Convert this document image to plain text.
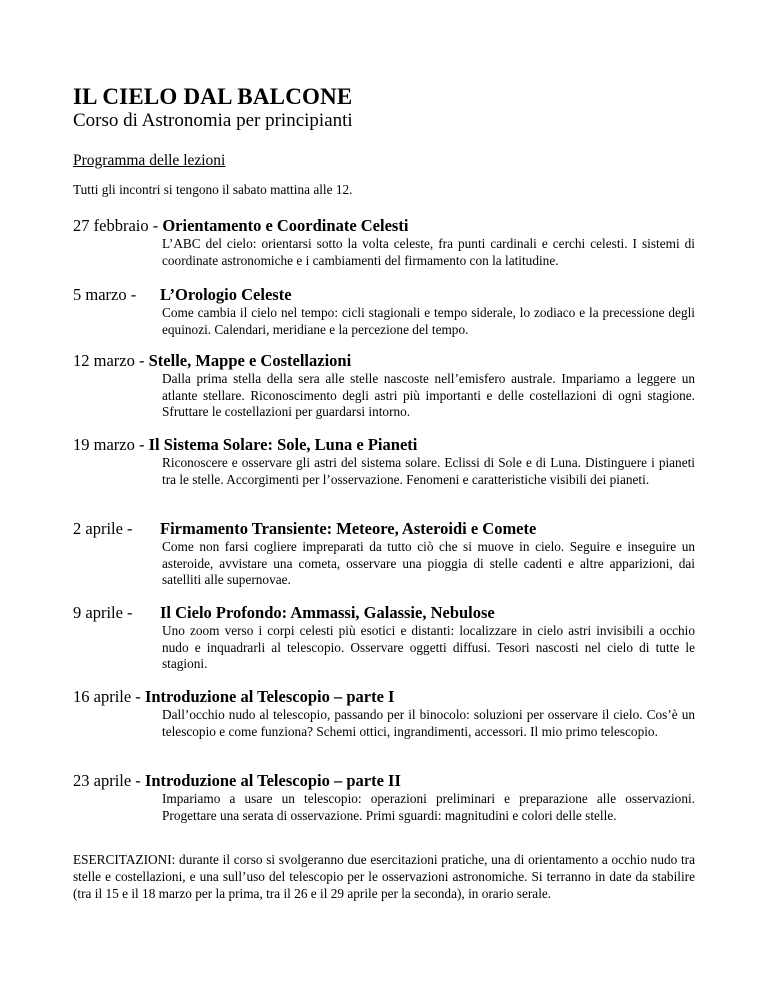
IL CIELO DAL BALCONE
Corso di Astronomia per principianti
Programma delle lezioni
Tutti gli incontri si tengono il sabato mattina alle 12.
27 febbraio - Orientamento e Coordinate Celesti
L’ABC del cielo: orientarsi sotto la volta celeste, fra punti cardinali e cerchi celesti. I sistemi di coordinate astronomiche e i cambiamenti del firmamento con la latitudine.
5 marzo - L’Orologio Celeste
Come cambia il cielo nel tempo: cicli stagionali e tempo siderale, lo zodiaco e la precessione degli equinozi. Calendari, meridiane e la percezione del tempo.
12 marzo - Stelle, Mappe e Costellazioni
Dalla prima stella della sera alle stelle nascoste nell’emisfero australe. Impariamo a leggere un atlante stellare. Riconoscimento degli astri più importanti e delle costellazioni di ogni stagione. Sfruttare le costellazioni per guardarsi intorno.
19 marzo - Il Sistema Solare: Sole, Luna e Pianeti
Riconoscere e osservare gli astri del sistema solare. Eclissi di Sole e di Luna. Distinguere i pianeti tra le stelle. Accorgimenti per l’osservazione. Fenomeni e caratteristiche visibili dei pianeti.
2 aprile - Firmamento Transiente: Meteore, Asteroidi e Comete
Come non farsi cogliere impreparati da tutto ciò che si muove in cielo. Seguire e inseguire un asteroide, avvistare una cometa, osservare una pioggia di stelle cadenti e altre apparizioni, dai satelliti alle supernovae.
9 aprile - Il Cielo Profondo: Ammassi, Galassie, Nebulose
Uno zoom verso i corpi celesti più esotici e distanti: localizzare in cielo astri invisibili a occhio nudo e inquadrarli al telescopio. Osservare oggetti diffusi. Tesori nascosti nel cielo di tutte le stagioni.
16 aprile - Introduzione al Telescopio – parte I
Dall’occhio nudo al telescopio, passando per il binocolo: soluzioni per osservare il cielo. Cos’è un telescopio e come funziona? Schemi ottici, ingrandimenti, accessori. Il mio primo telescopio.
23 aprile - Introduzione al Telescopio – parte II
Impariamo a usare un telescopio: operazioni preliminari e preparazione alle osservazioni. Progettare una serata di osservazione. Primi sguardi: magnitudini e colori delle stelle.
ESERCITAZIONI: durante il corso si svolgeranno due esercitazioni pratiche, una di orientamento a occhio nudo tra stelle e costellazioni, e una sull’uso del telescopio per le osservazioni astronomiche. Si terranno in date da stabilire (tra il 15 e il 18 marzo per la prima, tra il 26 e il 29 aprile per la seconda), in orario serale.
